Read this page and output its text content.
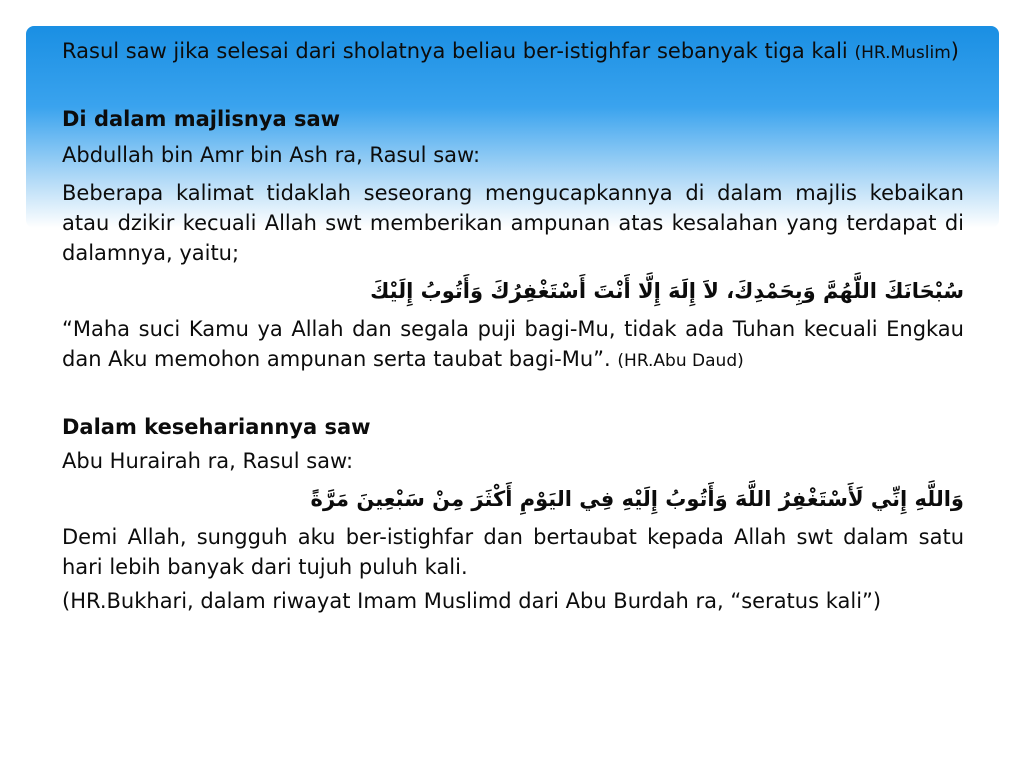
Rasul saw jika selesai dari sholatnya beliau ber-istighfar sebanyak tiga kali (HR.Muslim)

Di dalam majlisnya saw

Abdullah bin Amr bin Ash ra, Rasul saw:

Beberapa kalimat tidaklah seseorang mengucapkannya di dalam majlis kebaikan atau dzikir kecuali Allah swt memberikan ampunan atas kesalahan yang terdapat di dalamnya, yaitu;

سُبْحَانَكَ اللَّهُمَّ وَبِحَمْدِكَ، لاَ إِلَهَ إِلَّا أَنْتَ أَسْتَغْفِرُكَ وَأَتُوبُ إِلَيْكَ

“Maha suci Kamu ya Allah dan segala puji bagi-Mu, tidak ada Tuhan kecuali Engkau dan Aku memohon ampunan serta taubat bagi-Mu”. (HR.Abu Daud)

Dalam kesehariannya saw

Abu Hurairah ra, Rasul saw:

وَاللَّهِ إِنِّي لَأَسْتَغْفِرُ اللَّهَ وَأَتُوبُ إِلَيْهِ فِي اليَوْمِ أَكْثَرَ مِنْ سَبْعِينَ مَرَّةً

Demi Allah, sungguh aku ber-istighfar dan bertaubat kepada Allah swt dalam satu hari lebih banyak dari tujuh puluh kali.

(HR.Bukhari, dalam riwayat Imam Muslimd dari Abu Burdah ra, “seratus kali”)
